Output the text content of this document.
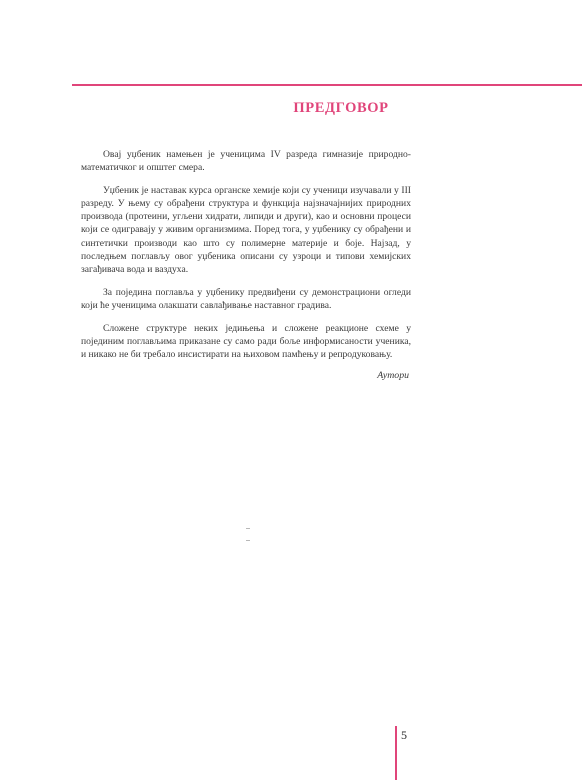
ПРЕДГОВОР

Овај уџбеник намењен је ученицима IV разреда гимназије природно-математичког и општег смера.

Уџбеник је наставак курса органске хемије који су ученици изучавали у III разреду. У њему су обрађени структура и функција најзначајнијих природних производа (протеини, угљени хидрати, липиди и други), као и основни процеси који се одигравају у живим организмима. Поред тога, у уџбенику су обрађени и синтетички производи као што су полимерне материје и боје. Најзад, у последњем поглављу овог уџбеника описани су узроци и типови хемијских загађивача вода и ваздуха.

За поједина поглавља у уџбенику предвиђени су демонстрациони огледи који ће ученицима олакшати савлађивање наставног градива.

Сложене структуре неких једињења и сложене реакционе схеме у појединим поглављима приказане су само ради боље информисаности ученика, и никако не би требало инсистирати на њиховом памћењу и репродуковању.

Аутори
5
